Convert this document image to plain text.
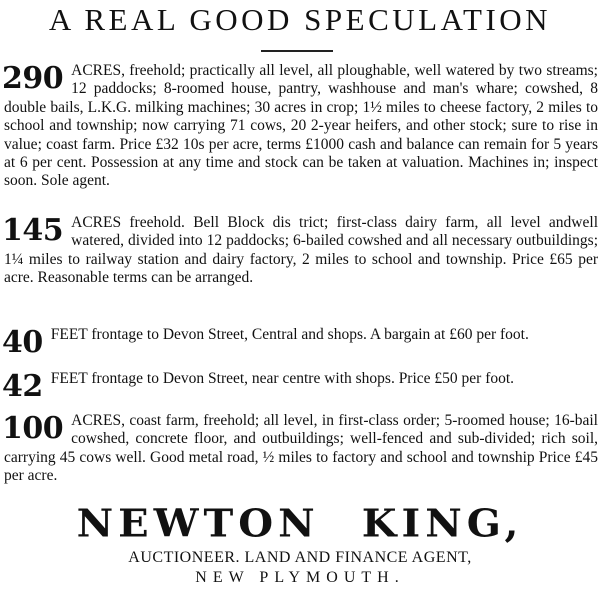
A REAL GOOD SPECULATION
290 ACRES, freehold; practically all level, all ploughable, well watered by two streams; 12 paddocks; 8-roomed house, pantry, washhouse and man's whare; cowshed, 8 double bails, L.K.G. milking machines; 30 acres in crop; 1½ miles to cheese factory, 2 miles to school and township; now carrying 71 cows, 20 2-year heifers, and other stock; sure to rise in value; coast farm. Price £32 10s per acre, terms £1000 cash and balance can remain for 5 years at 6 per cent. Possession at any time and stock can be taken at valuation. Machines in; inspect soon. Sole agent.
145 ACRES freehold. Bell Block dis trict; first-class dairy farm, all level andwell watered, divided into 12 paddocks; 6-bailed cowshed and all necessary outbuildings; 1¼ miles to railway station and dairy factory, 2 miles to school and township. Price £65 per acre. Reasonable terms can be arranged.
40 FEET frontage to Devon Street, Central and shops. A bargain at £60 per foot.
42 FEET frontage to Devon Street, near centre with shops. Price £50 per foot.
100 ACRES, coast farm, freehold; all level, in first-class order; 5-roomed house; 16-bail cowshed, concrete floor, and outbuildings; well-fenced and sub-divided; rich soil, carrying 45 cows well. Good metal road, ½ miles to factory and school and township Price £45 per acre.
NEWTON KING,
AUCTIONEER. LAND AND FINANCE AGENT,
NEW PLYMOUTH.
